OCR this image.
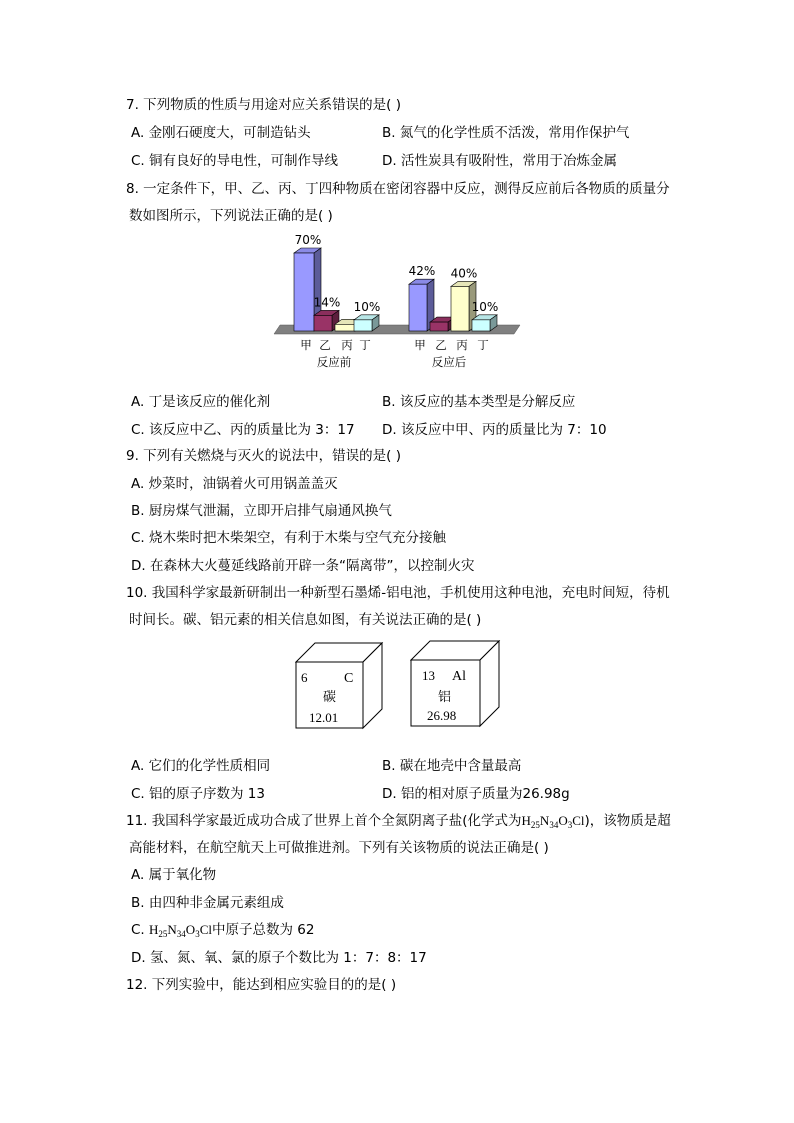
7. 下列物质的性质与用途对应关系错误的是( )
A. 金刚石硬度大，可制造钻头	B. 氮气的化学性质不活泼，常用作保护气
C. 铜有良好的导电性，可制作导线	D. 活性炭具有吸附性，常用于冶炼金属
8. 一定条件下，甲、乙、丙、丁四种物质在密闭容器中反应，测得反应前后各物质的质量分
数如图所示，下列说法正确的是( )
70%
甲
14%
乙 丙
10%
丁
反应前
42%
甲 乙
40%
丙
10%
丁
反应后
A. 丁是该反应的催化剂	B. 该反应的基本类型是分解反应
C. 该反应中乙、丙的质量比为 3：17 D. 该反应中甲、丙的质量比为 7：10
9. 下列有关燃烧与灭火的说法中，错误的是( )
A. 炒菜时，油锅着火可用锅盖盖灭
B. 厨房煤气泄漏，立即开启排气扇通风换气
C. 烧木柴时把木柴架空，有利于木柴与空气充分接触
D. 在森林大火蔓延线路前开辟一条“隔离带”，以控制火灾
10. 我国科学家最新研制出一种新型石墨烯-铝电池，手机使用这种电池，充电时间短，待机
时间长。碳、铝元素的相关信息如图，有关说法正确的是( )
6	C
碳
12.01
13 Al
铝
26.98
A. 它们的化学性质相同	B. 碳在地壳中含量最高
C. 铝的原子序数为 13	D. 铝的相对原子质量为26.98g
11. 我国科学家最近成功合成了世界上首个全氮阴离子盐(化学式为$H_{25}N_{34}O_3Cl$)，该物质是超
高能材料，在航空航天上可做推进剂。下列有关该物质的说法正确是( )
A. 属于氧化物
B. 由四种非金属元素组成
C. $H_{25}N_{34}O_3Cl$中原子总数为 62
D. 氢、氮、氧、氯的原子个数比为 1：7：8：17
12. 下列实验中，能达到相应实验目的的是( )
